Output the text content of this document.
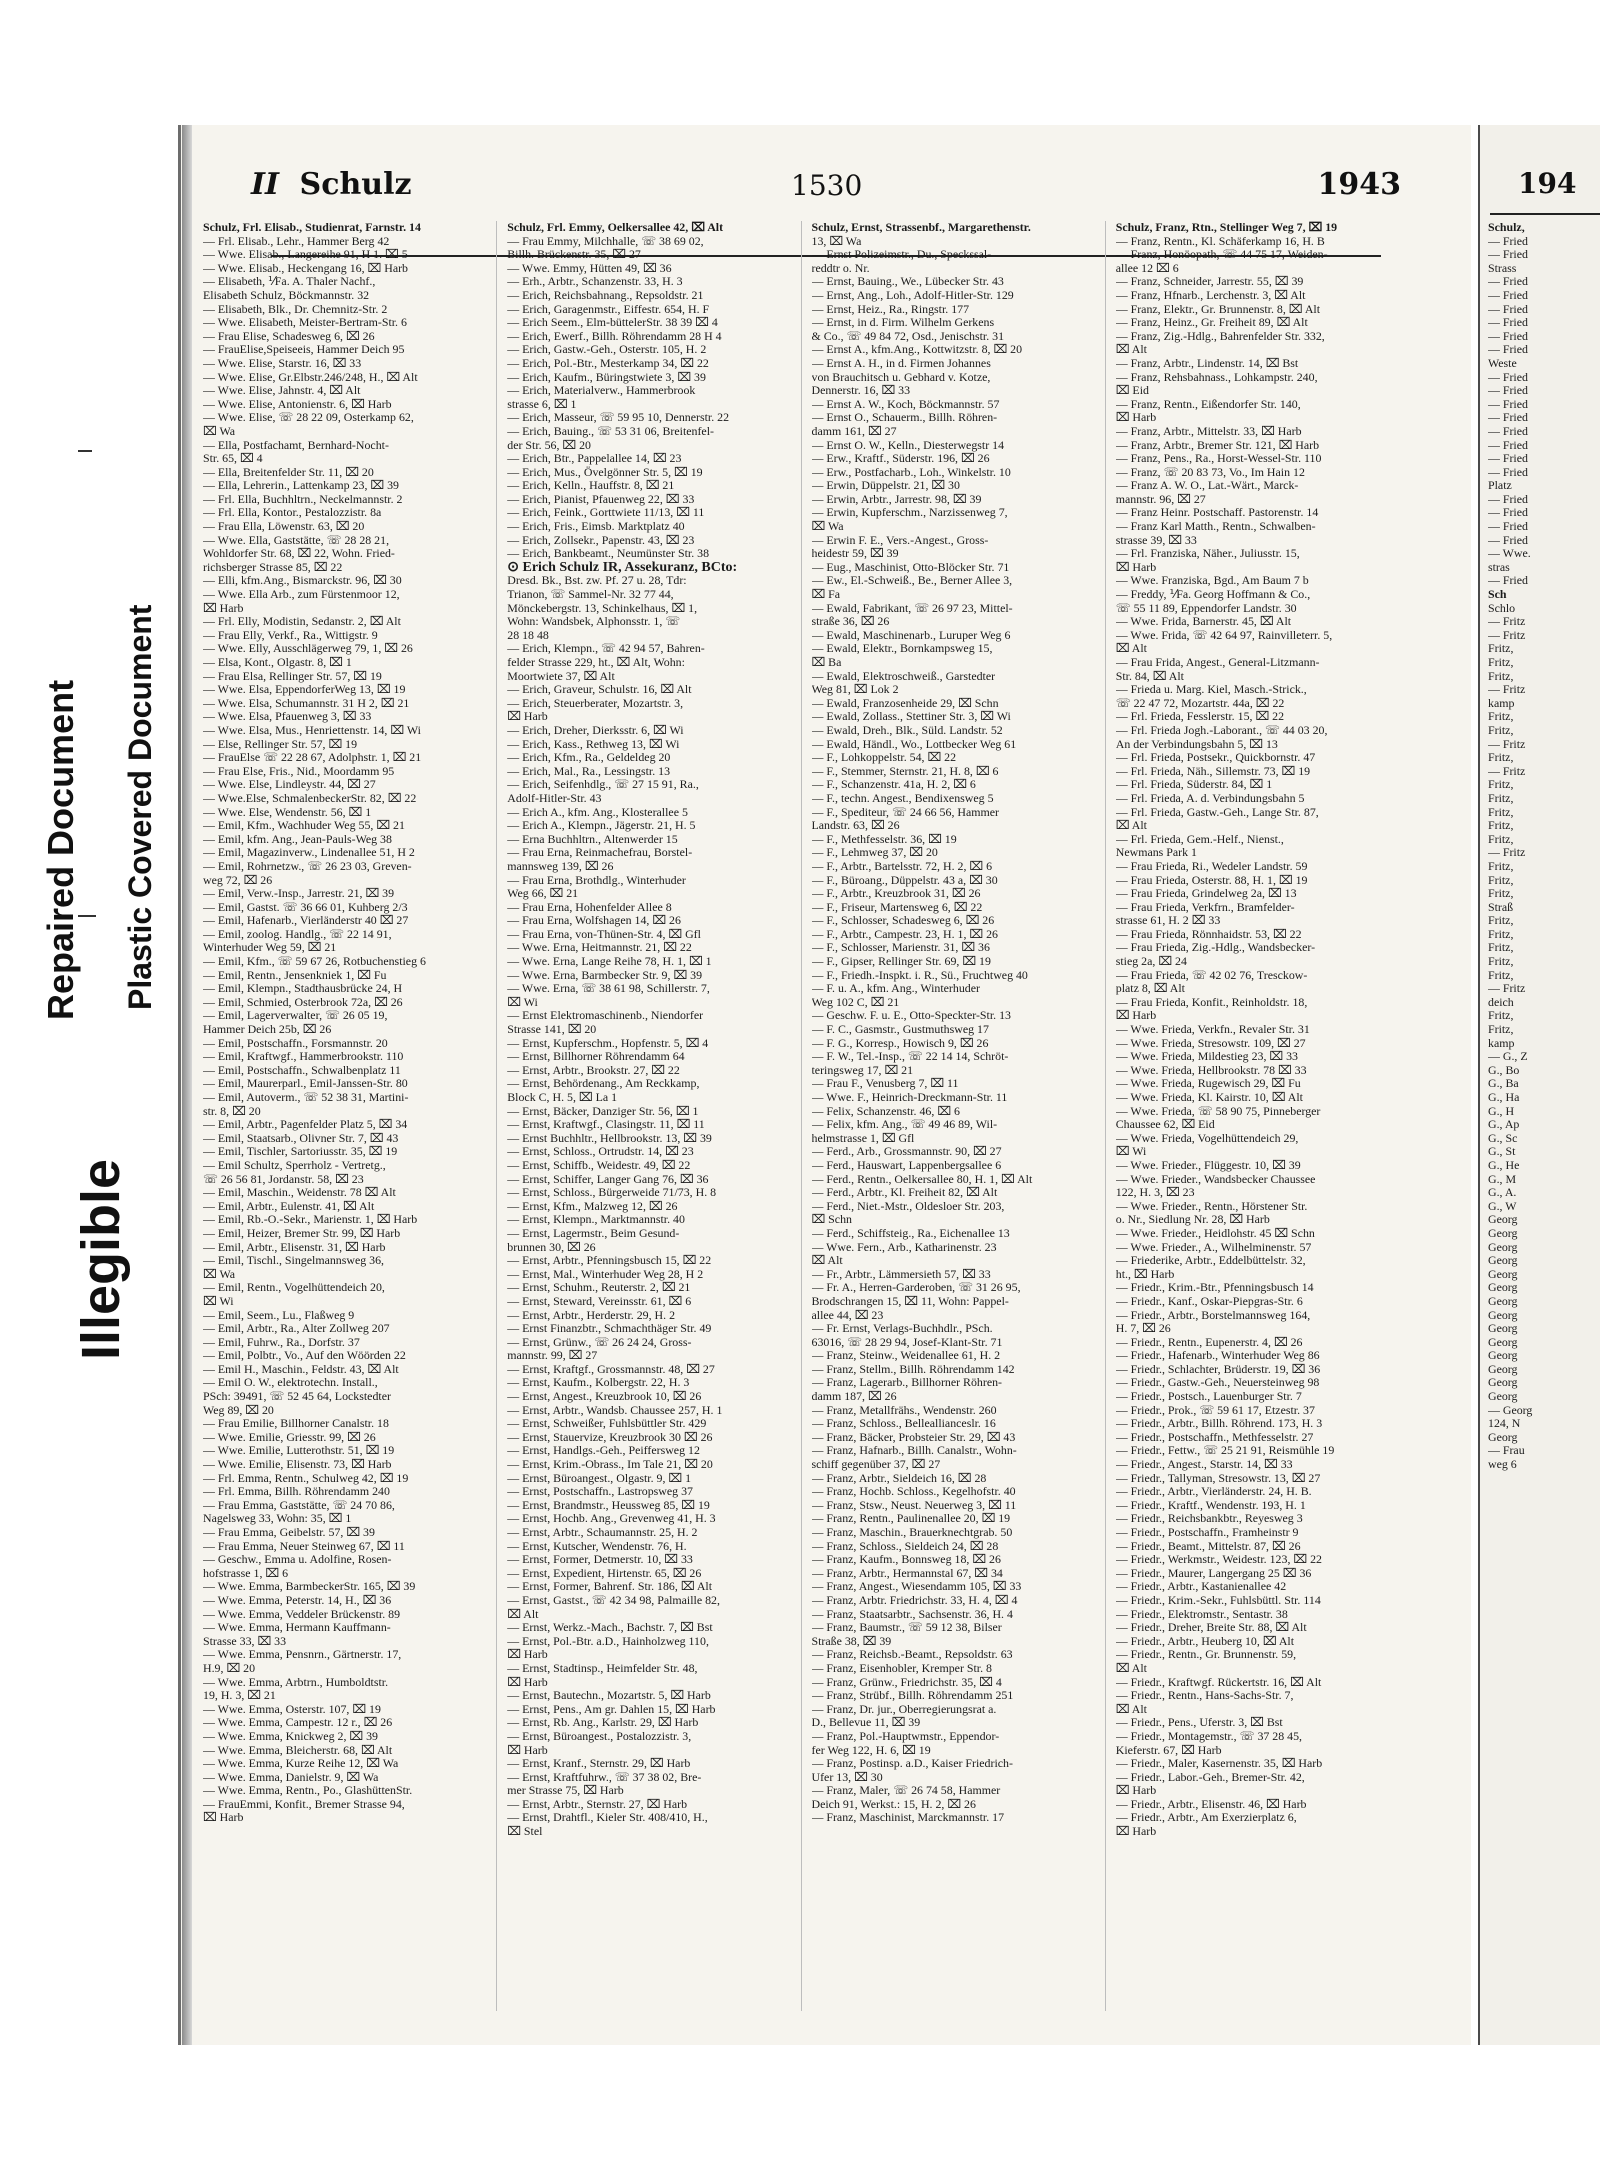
Repaired Document Plastic Covered Document
Illegible
II Schulz	1530	1943
Schulz, Frl. Elisab., Studienrat, Farnstr. 14
— Frl. Elisab., Lehr., Hammer Berg 42
— Wwe. Elisab., Langereihe 91, H 1. ⌧ 5
— Wwe. Elisab., Heckengang 16, ⌧ Harb
— Elisabeth, ⅟Fa. A. Thaler Nachf.,
Elisabeth Schulz, Böckmannstr. 32
— Elisabeth, Blk., Dr. Chemnitz-Str. 2
— Wwe. Elisabeth, Meister-Bertram-Str. 6
— Frau Elise, Schadesweg 6, ⌧ 26
— FrauElise,Speiseeis, Hammer Deich 95
— Wwe. Elise, Starstr. 16, ⌧ 33
— Wwe. Elise, Gr.Elbstr.246/248, H., ⌧ Alt
— Wwe. Elise, Jahnstr. 4, ⌧ Alt
— Wwe. Elise, Antonienstr. 6, ⌧ Harb
— Wwe. Elise, ☏ 28 22 09, Osterkamp 62,
⌧ Wa
— Ella, Postfachamt, Bernhard-Nocht-
Str. 65, ⌧ 4
— Ella, Breitenfelder Str. 11, ⌧ 20
— Ella, Lehrerin., Lattenkamp 23, ⌧ 39
— Frl. Ella, Buchhltrn., Neckelmannstr. 2
— Frl. Ella, Kontor., Pestalozzistr. 8a
— Frau Ella, Löwenstr. 63, ⌧ 20
— Wwe. Ella, Gaststätte, ☏ 28 28 21,
Wohldorfer Str. 68, ⌧ 22, Wohn. Fried-
richsberger Strasse 85, ⌧ 22
— Elli, kfm.Ang., Bismarckstr. 96, ⌧ 30
— Wwe. Ella Arb., zum Fürstenmoor 12,
⌧ Harb
— Frl. Elly, Modistin, Sedanstr. 2, ⌧ Alt
— Frau Elly, Verkf., Ra., Wittigstr. 9
— Wwe. Elly, Ausschlägerweg 79, 1, ⌧ 26
— Elsa, Kont., Olgastr. 8, ⌧ 1
— Frau Elsa, Rellinger Str. 57, ⌧ 19
— Wwe. Elsa, EppendorferWeg 13, ⌧ 19
— Wwe. Elsa, Schumannstr. 31 H 2, ⌧ 21
— Wwe. Elsa, Pfauenweg 3, ⌧ 33
— Wwe. Elsa, Mus., Henriettenstr. 14, ⌧ Wi
— Else, Rellinger Str. 57, ⌧ 19
— FrauElse ☏ 22 28 67, Adolphstr. 1, ⌧ 21
— Frau Else, Fris., Nid., Moordamm 95
— Wwe. Else, Lindleystr. 44, ⌧ 27
— Wwe.Else, SchmalenbeckerStr. 82, ⌧ 22
— Wwe. Else, Wendenstr. 56, ⌧ 1
— Emil, Kfm., Wachhuder Weg 55, ⌧ 21
— Emil, kfm. Ang., Jean-Pauls-Weg 38
— Emil, Magazinverw., Lindenallee 51, H 2
— Emil, Rohrnetzw., ☏ 26 23 03, Greven-
weg 72, ⌧ 26
— Emil, Verw.-Insp., Jarrestr. 21, ⌧ 39
— Emil, Gastst. ☏ 36 66 01, Kuhberg 2/3
— Emil, Hafenarb., Vierländerstr 40 ⌧ 27
— Emil, zoolog. Handlg., ☏ 22 14 91,
Winterhuder Weg 59, ⌧ 21
— Emil, Kfm., ☏ 59 67 26, Rotbuchenstieg 6
— Emil, Rentn., Jensenkniek 1, ⌧ Fu
— Emil, Klempn., Stadthausbrücke 24, H
— Emil, Schmied, Osterbrook 72a, ⌧ 26
— Emil, Lagerverwalter, ☏ 26 05 19,
Hammer Deich 25b, ⌧ 26
— Emil, Postschaffn., Forsmannstr. 20
— Emil, Kraftwgf., Hammerbrookstr. 110
— Emil, Postschaffn., Schwalbenplatz 11
— Emil, Maurerparl., Emil-Janssen-Str. 80
— Emil, Autoverm., ☏ 52 38 31, Martini-
str. 8, ⌧ 20
— Emil, Arbtr., Pagenfelder Platz 5, ⌧ 34
— Emil, Staatsarb., Olivner Str. 7, ⌧ 43
— Emil, Tischler, Sartoriusstr. 35, ⌧ 19
— Emil Schultz, Sperrholz - Vertretg.,
☏ 26 56 81, Jordanstr. 58, ⌧ 23
— Emil, Maschin., Weidenstr. 78 ⌧ Alt
— Emil, Arbtr., Eulenstr. 41, ⌧ Alt
— Emil, Rb.-O.-Sekr., Marienstr. 1, ⌧ Harb
— Emil, Heizer, Bremer Str. 99, ⌧ Harb
— Emil, Arbtr., Elisenstr. 31, ⌧ Harb
— Emil, Tischl., Singelmannsweg 36,
⌧ Wa
— Emil, Rentn., Vogelhüttendeich 20,
⌧ Wi
— Emil, Seem., Lu., Flaßweg 9
— Emil, Arbtr., Ra., Alter Zollweg 207
— Emil, Fuhrw., Ra., Dorfstr. 37
— Emil, Polbtr., Vo., Auf den Wöörden 22
— Emil H., Maschin., Feldstr. 43, ⌧ Alt
— Emil O. W., elektrotechn. Install.,
PSch: 39491, ☏ 52 45 64, Lockstedter
Weg 89, ⌧ 20
— Frau Emilie, Billhorner Canalstr. 18
— Wwe. Emilie, Griesstr. 99, ⌧ 26
— Wwe. Emilie, Lutterothstr. 51, ⌧ 19
— Wwe. Emilie, Elisenstr. 73, ⌧ Harb
— Frl. Emma, Rentn., Schulweg 42, ⌧ 19
— Frl. Emma, Billh. Röhrendamm 240
— Frau Emma, Gaststätte, ☏ 24 70 86,
Nagelsweg 33, Wohn: 35, ⌧ 1
— Frau Emma, Geibelstr. 57, ⌧ 39
— Frau Emma, Neuer Steinweg 67, ⌧ 11
— Geschw., Emma u. Adolfine, Rosen-
hofstrasse 1, ⌧ 6
— Wwe. Emma, BarmbeckerStr. 165, ⌧ 39
— Wwe. Emma, Peterstr. 14, H., ⌧ 36
— Wwe. Emma, Veddeler Brückenstr. 89
— Wwe. Emma, Hermann Kauffmann-
Strasse 33, ⌧ 33
— Wwe. Emma, Pensnrn., Gärtnerstr. 17,
H.9, ⌧ 20
— Wwe. Emma, Arbtrn., Humboldtstr.
19, H. 3, ⌧ 21
— Wwe. Emma, Osterstr. 107, ⌧ 19
— Wwe. Emma, Campestr. 12 r., ⌧ 26
— Wwe. Emma, Knickweg 2, ⌧ 39
— Wwe. Emma, Bleicherstr. 68, ⌧ Alt
— Wwe. Emma, Kurze Reihe 12, ⌧ Wa
— Wwe. Emma, Danielstr. 9, ⌧ Wa
— Wwe. Emma, Rentn., Po., GlashüttenStr.
— FrauEmmi, Konfit., Bremer Strasse 94,
⌧ Harb
Schulz, Frl. Emmy, Oelkersallee 42, ⌧ Alt
— Frau Emmy, Milchhalle, ☏ 38 69 02,
Billh. Brückenstr. 35, ⌧ 27
— Wwe. Emmy, Hütten 49, ⌧ 36
— Erh., Arbtr., Schanzenstr. 33, H. 3
— Erich, Reichsbahnang., Repsoldstr. 21
— Erich, Garagenmstr., Eiffestr. 654, H. F
— Erich Seem., Elm-büttelerStr. 38 39 ⌧ 4
— Erich, Ewerf., Billh. Röhrendamm 28 H 4
— Erich, Gastw.-Geh., Osterstr. 105, H. 2
— Erich, Pol.-Btr., Mesterkamp 34, ⌧ 22
— Erich, Kaufm., Büringstwiete 3, ⌧ 39
— Erich, Materialverw., Hammerbrook
strasse 6, ⌧ 1
— Erich, Masseur, ☏ 59 95 10, Dennerstr. 22
— Erich, Bauing., ☏ 53 31 06, Breitenfel-
der Str. 56, ⌧ 20
— Erich, Btr., Pappelallee 14, ⌧ 23
— Erich, Mus., Övelgönner Str. 5, ⌧ 19
— Erich, Kelln., Hauffstr. 8, ⌧ 21
— Erich, Pianist, Pfauenweg 22, ⌧ 33
— Erich, Feink., Gorttwiete 11/13, ⌧ 11
— Erich, Fris., Eimsb. Marktplatz 40
— Erich, Zollsekr., Papenstr. 43, ⌧ 23
— Erich, Bankbeamt., Neumünster Str. 38
⊙ Erich Schulz IR, Assekuranz, BCto:
Dresd. Bk., Bst. zw. Pf. 27 u. 28, Tdr:
Trianon, ☏ Sammel-Nr. 32 77 44,
Mönckebergstr. 13, Schinkelhaus, ⌧ 1,
Wohn: Wandsbek, Alphonsstr. 1, ☏
28 18 48
— Erich, Klempn., ☏ 42 94 57, Bahren-
felder Strasse 229, ht., ⌧ Alt, Wohn:
Moortwiete 37, ⌧ Alt
— Erich, Graveur, Schulstr. 16, ⌧ Alt
— Erich, Steuerberater, Mozartstr. 3,
⌧ Harb
— Erich, Dreher, Dierksstr. 6, ⌧ Wi
— Erich, Kass., Rethweg 13, ⌧ Wi
— Erich, Kfm., Ra., Geldeldeg 20
— Erich, Mal., Ra., Lessingstr. 13
— Erich, Seifenhdlg., ☏ 27 15 91, Ra.,
Adolf-Hitler-Str. 43
— Erich A., kfm. Ang., Klosterallee 5
— Erich A., Klempn., Jägerstr. 21, H. 5
— Erna Buchhltrn., Altenwerder 15
— Frau Erna, Reinmachefrau, Borstel-
mannsweg 139, ⌧ 26
— Frau Erna, Brothdlg., Winterhuder
Weg 66, ⌧ 21
— Frau Erna, Hohenfelder Allee 8
— Frau Erna, Wolfshagen 14, ⌧ 26
— Frau Erna, von-Thünen-Str. 4, ⌧ Gfl
— Wwe. Erna, Heitmannstr. 21, ⌧ 22
— Wwe. Erna, Lange Reihe 78, H. 1, ⌧ 1
— Wwe. Erna, Barmbecker Str. 9, ⌧ 39
— Wwe. Erna, ☏ 38 61 98, Schillerstr. 7,
⌧ Wi
— Ernst Elektromaschinenb., Niendorfer
Strasse 141, ⌧ 20
— Ernst, Kupferschm., Hopfenstr. 5, ⌧ 4
— Ernst, Billhorner Röhrendamm 64
— Ernst, Arbtr., Brookstr. 27, ⌧ 22
— Ernst, Behördenang., Am Reckkamp,
Block C, H. 5, ⌧ La 1
— Ernst, Bäcker, Danziger Str. 56, ⌧ 1
— Ernst, Kraftwgf., Clasingstr. 11, ⌧ 11
— Ernst Buchhltr., Hellbrookstr. 13, ⌧ 39
— Ernst, Schloss., Ortrudstr. 14, ⌧ 23
— Ernst, Schiffb., Weidestr. 49, ⌧ 22
— Ernst, Schiffer, Langer Gang 76, ⌧ 36
— Ernst, Schloss., Bürgerweide 71/73, H. 8
— Ernst, Kfm., Malzweg 12, ⌧ 26
— Ernst, Klempn., Marktmannstr. 40
— Ernst, Lagermstr., Beim Gesund-
brunnen 30, ⌧ 26
— Ernst, Arbtr., Pfenningsbusch 15, ⌧ 22
— Ernst, Mal., Winterhuder Weg 28, H 2
— Ernst, Schuhm., Reuterstr. 2, ⌧ 21
— Ernst, Steward, Vereinsstr. 61, ⌧ 6
— Ernst, Arbtr., Herderstr. 29, H. 2
— Ernst Finanzbtr., Schmachthäger Str. 49
— Ernst, Grünw., ☏ 26 24 24, Gross-
mannstr. 99, ⌧ 27
— Ernst, Kraftgf., Grossmannstr. 48, ⌧ 27
— Ernst, Kaufm., Kolbergstr. 22, H. 3
— Ernst, Angest., Kreuzbrook 10, ⌧ 26
— Ernst, Arbtr., Wandsb. Chaussee 257, H. 1
— Ernst, Schweißer, Fuhlsbüttler Str. 429
— Ernst, Stauervize, Kreuzbrook 30 ⌧ 26
— Ernst, Handlgs.-Geh., Peiffersweg 12
— Ernst, Krim.-Obrass., Im Tale 21, ⌧ 20
— Ernst, Büroangest., Olgastr. 9, ⌧ 1
— Ernst, Postschaffn., Lastropsweg 37
— Ernst, Brandmstr., Heussweg 85, ⌧ 19
— Ernst, Hochb. Ang., Grevenweg 41, H. 3
— Ernst, Arbtr., Schaumannstr. 25, H. 2
— Ernst, Kutscher, Wendenstr. 76, H.
— Ernst, Former, Detmerstr. 10, ⌧ 33
— Ernst, Expedient, Hirtenstr. 65, ⌧ 26
— Ernst, Former, Bahrenf. Str. 186, ⌧ Alt
— Ernst, Gastst., ☏ 42 34 98, Palmaille 82,
⌧ Alt
— Ernst, Werkz.-Mach., Bachstr. 7, ⌧ Bst
— Ernst, Pol.-Btr. a.D., Hainholzweg 110,
⌧ Harb
— Ernst, Stadtinsp., Heimfelder Str. 48,
⌧ Harb
— Ernst, Bautechn., Mozartstr. 5, ⌧ Harb
— Ernst, Pens., Am gr. Dahlen 15, ⌧ Harb
— Ernst, Rb. Ang., Karlstr. 29, ⌧ Harb
— Ernst, Büroangest., Postalozzistr. 3,
⌧ Harb
— Ernst, Kranf., Sternstr. 29, ⌧ Harb
— Ernst, Kraftfuhrw., ☏ 37 38 02, Bre-
mer Strasse 75, ⌧ Harb
— Ernst, Arbtr., Sternstr. 27, ⌧ Harb
— Ernst, Drahtfl., Kieler Str. 408/410, H.,
⌧ Stel
Schulz, Ernst, Strassenbf., Margarethenstr.
13, ⌧ Wa
— Ernst Polizeimstr., Du., Speckssal-
reddtr o. Nr.
— Ernst, Bauing., We., Lübecker Str. 43
— Ernst, Ang., Loh., Adolf-Hitler-Str. 129
— Ernst, Heiz., Ra., Ringstr. 177
— Ernst, in d. Firm. Wilhelm Gerkens
& Co., ☏ 49 84 72, Osd., Jenischstr. 31
— Ernst A., kfm.Ang., Kottwitzstr. 8, ⌧ 20
— Ernst A. H., in d. Firmen Johannes
von Brauchitsch u. Gebhard v. Kotze,
Dennerstr. 16, ⌧ 33
— Ernst A. W., Koch, Böckmannstr. 57
— Ernst O., Schauerm., Billh. Röhren-
damm 161, ⌧ 27
— Ernst O. W., Kelln., Diesterwegstr 14
— Erw., Kraftf., Süderstr. 196, ⌧ 26
— Erw., Postfacharb., Loh., Winkelstr. 10
— Erwin, Düppelstr. 21, ⌧ 30
— Erwin, Arbtr., Jarrestr. 98, ⌧ 39
— Erwin, Kupferschm., Narzissenweg 7,
⌧ Wa
— Erwin F. E., Vers.-Angest., Gross-
heidestr 59, ⌧ 39
— Eug., Maschinist, Otto-Blöcker Str. 71
— Ew., El.-Schweiß., Be., Berner Allee 3,
⌧ Fa
— Ewald, Fabrikant, ☏ 26 97 23, Mittel-
straße 36, ⌧ 26
— Ewald, Maschinenarb., Luruper Weg 6
— Ewald, Elektr., Bornkampsweg 15,
⌧ Ba
— Ewald, Elektroschweiß., Garstedter
Weg 81, ⌧ Lok 2
— Ewald, Franzosenheide 29, ⌧ Schn
— Ewald, Zollass., Stettiner Str. 3, ⌧ Wi
— Ewald, Dreh., Blk., Süld. Landstr. 52
— Ewald, Händl., Wo., Lottbecker Weg 61
— F., Lohkoppelstr. 54, ⌧ 22
— F., Stemmer, Sternstr. 21, H. 8, ⌧ 6
— F., Schanzenstr. 41a, H. 2, ⌧ 6
— F., techn. Angest., Bendixensweg 5
— F., Spediteur, ☏ 24 66 56, Hammer
Landstr. 63, ⌧ 26
— F., Methfesselstr. 36, ⌧ 19
— F., Lehmweg 37, ⌧ 20
— F., Arbtr., Bartelsstr. 72, H. 2, ⌧ 6
— F., Büroang., Düppelstr. 43 a, ⌧ 30
— F., Arbtr., Kreuzbrook 31, ⌧ 26
— F., Friseur, Martensweg 6, ⌧ 22
— F., Schlosser, Schadesweg 6, ⌧ 26
— F., Arbtr., Campestr. 23, H. 1, ⌧ 26
— F., Schlosser, Marienstr. 31, ⌧ 36
— F., Gipser, Rellinger Str. 69, ⌧ 19
— F., Friedh.-Inspkt. i. R., Sü., Fruchtweg 40
— F. u. A., kfm. Ang., Winterhuder
Weg 102 C, ⌧ 21
— Geschw. F. u. E., Otto-Speckter-Str. 13
— F. C., Gasmstr., Gustmuthsweg 17
— F. G., Korresp., Howisch 9, ⌧ 26
— F. W., Tel.-Insp., ☏ 22 14 14, Schröt-
teringsweg 17, ⌧ 21
— Frau F., Venusberg 7, ⌧ 11
— Wwe. F., Heinrich-Dreckmann-Str. 11
— Felix, Schanzenstr. 46, ⌧ 6
— Felix, kfm. Ang., ☏ 49 46 89, Wil-
helmstrasse 1, ⌧ Gfl
— Ferd., Arb., Grossmannstr. 90, ⌧ 27
— Ferd., Hauswart, Lappenbergsallee 6
— Ferd., Rentn., Oelkersallee 80, H. 1, ⌧ Alt
— Ferd., Arbtr., Kl. Freiheit 82, ⌧ Alt
— Ferd., Niet.-Mstr., Oldesloer Str. 203,
⌧ Schn
— Ferd., Schiffsteig., Ra., Eichenallee 13
— Wwe. Fern., Arb., Katharinenstr. 23
⌧ Alt
— Fr., Arbtr., Lämmersieth 57, ⌧ 33
— Fr. A., Herren-Garderoben, ☏ 31 26 95,
Brodschrangen 15, ⌧ 11, Wohn: Pappel-
allee 44, ⌧ 23
— Fr. Ernst, Verlags-Buchhdlr., PSch.
63016, ☏ 28 29 94, Josef-Klant-Str. 71
— Franz, Steinw., Weidenallee 61, H. 2
— Franz, Stellm., Billh. Röhrendamm 142
— Franz, Lagerarb., Billhorner Röhren-
damm 187, ⌧ 26
— Franz, Metallfrähs., Wendenstr. 260
— Franz, Schloss., Belleallianceslr. 16
— Franz, Bäcker, Probsteier Str. 29, ⌧ 43
— Franz, Hafnarb., Billh. Canalstr., Wohn-
schiff gegenüber 37, ⌧ 27
— Franz, Arbtr., Sieldeich 16, ⌧ 28
— Franz, Hochb. Schloss., Kegelhofstr. 40
— Franz, Stsw., Neust. Neuerweg 3, ⌧ 11
— Franz, Rentn., Paulinenallee 20, ⌧ 19
— Franz, Maschin., Brauerknechtgrab. 50
— Franz, Schloss., Sieldeich 24, ⌧ 28
— Franz, Kaufm., Bonnsweg 18, ⌧ 26
— Franz, Arbtr., Hermannstal 67, ⌧ 34
— Franz, Angest., Wiesendamm 105, ⌧ 33
— Franz, Arbtr. Friedrichstr. 33, H. 4, ⌧ 4
— Franz, Staatsarbtr., Sachsenstr. 36, H. 4
— Franz, Baumstr., ☏ 59 12 38, Bilser
Straße 38, ⌧ 39
— Franz, Reichsb.-Beamt., Repsoldstr. 63
— Franz, Eisenhobler, Kremper Str. 8
— Franz, Grünw., Friedrichstr. 35, ⌧ 4
— Franz, Strübf., Billh. Röhrendamm 251
— Franz, Dr. jur., Oberregierungsrat a.
D., Bellevue 11, ⌧ 39
— Franz, Pol.-Hauptwmstr., Eppendor-
fer Weg 122, H. 6, ⌧ 19
— Franz, Postinsp. a.D., Kaiser Friedrich-
Ufer 13, ⌧ 30
— Franz, Maler, ☏ 26 74 58, Hammer
Deich 91, Werkst.: 15, H. 2, ⌧ 26
— Franz, Maschinist, Marckmannstr. 17
Schulz, Franz, Rtn., Stellinger Weg 7, ⌧ 19
— Franz, Rentn., Kl. Schäferkamp 16, H. B
— Franz, Honöopath, ☏ 44 75 17, Weiden-
allee 12 ⌧ 6
— Franz, Schneider, Jarrestr. 55, ⌧ 39
— Franz, Hfnarb., Lerchenstr. 3, ⌧ Alt
— Franz, Elektr., Gr. Brunnenstr. 8, ⌧ Alt
— Franz, Heinz., Gr. Freiheit 89, ⌧ Alt
— Franz, Zig.-Hdlg., Bahrenfelder Str. 332,
⌧ Alt
— Franz, Arbtr., Lindenstr. 14, ⌧ Bst
— Franz, Rehsbahnass., Lohkampstr. 240,
⌧ Eid
— Franz, Rentn., Eißendorfer Str. 140,
⌧ Harb
— Franz, Arbtr., Mittelstr. 33, ⌧ Harb
— Franz, Arbtr., Bremer Str. 121, ⌧ Harb
— Franz, Pens., Ra., Horst-Wessel-Str. 110
— Franz, ☏ 20 83 73, Vo., Im Hain 12
— Franz A. W. O., Lat.-Wärt., Marck-
mannstr. 96, ⌧ 27
— Franz Heinr. Postschaff. Pastorenstr. 14
— Franz Karl Matth., Rentn., Schwalben-
strasse 39, ⌧ 33
— Frl. Franziska, Näher., Juliusstr. 15,
⌧ Harb
— Wwe. Franziska, Bgd., Am Baum 7 b
— Freddy, ⅟Fa. Georg Hoffmann & Co.,
☏ 55 11 89, Eppendorfer Landstr. 30
— Wwe. Frida, Barnerstr. 45, ⌧ Alt
— Wwe. Frida, ☏ 42 64 97, Rainvilleterr. 5,
⌧ Alt
— Frau Frida, Angest., General-Litzmann-
Str. 84, ⌧ Alt
— Frieda u. Marg. Kiel, Masch.-Strick.,
☏ 22 47 72, Mozartstr. 44a, ⌧ 22
— Frl. Frieda, Fesslerstr. 15, ⌧ 22
— Frl. Frieda Jogh.-Laborant., ☏ 44 03 20,
An der Verbindungsbahn 5, ⌧ 13
— Frl. Frieda, Postsekr., Quickbornstr. 47
— Frl. Frieda, Näh., Sillemstr. 73, ⌧ 19
— Frl. Frieda, Süderstr. 84, ⌧ 1
— Frl. Frieda, A. d. Verbindungsbahn 5
— Frl. Frieda, Gastw.-Geh., Lange Str. 87,
⌧ Alt
— Frl. Frieda, Gem.-Helf., Nienst.,
Newmans Park 1
— Frau Frieda, Ri., Wedeler Landstr. 59
— Frau Frieda, Osterstr. 88, H. 1, ⌧ 19
— Frau Frieda, Grindelweg 2a, ⌧ 13
— Frau Frieda, Verkfrn., Bramfelder-
strasse 61, H. 2 ⌧ 33
— Frau Frieda, Rönnhaidstr. 53, ⌧ 22
— Frau Frieda, Zig.-Hdlg., Wandsbecker-
stieg 2a, ⌧ 24
— Frau Frieda, ☏ 42 02 76, Tresckow-
platz 8, ⌧ Alt
— Frau Frieda, Konfit., Reinholdstr. 18,
⌧ Harb
— Wwe. Frieda, Verkfn., Revaler Str. 31
— Wwe. Frieda, Stresowstr. 109, ⌧ 27
— Wwe. Frieda, Mildestieg 23, ⌧ 33
— Wwe. Frieda, Hellbrookstr. 78 ⌧ 33
— Wwe. Frieda, Rugewisch 29, ⌧ Fu
— Wwe. Frieda, Kl. Kairstr. 10, ⌧ Alt
— Wwe. Frieda, ☏ 58 90 75, Pinneberger
Chaussee 62, ⌧ Eid
— Wwe. Frieda, Vogelhüttendeich 29,
⌧ Wi
— Wwe. Frieder., Flüggestr. 10, ⌧ 39
— Wwe. Frieder., Wandsbecker Chaussee
122, H. 3, ⌧ 23
— Wwe. Frieder., Rentn., Hörstener Str.
o. Nr., Siedlung Nr. 28, ⌧ Harb
— Wwe. Frieder., Heidlohstr. 45 ⌧ Schn
— Wwe. Frieder., A., Wilhelminenstr. 57
— Friederike, Arbtr., Eddelbüttelstr. 32,
ht., ⌧ Harb
— Friedr., Krim.-Btr., Pfenningsbusch 14
— Friedr., Kanf., Oskar-Piepgras-Str. 6
— Friedr., Arbtr., Borstelmannsweg 164,
H. 7, ⌧ 26
— Friedr., Rentn., Eupenerstr. 4, ⌧ 26
— Friedr., Hafenarb., Winterhuder Weg 86
— Friedr., Schlachter, Brüderstr. 19, ⌧ 36
— Friedr., Gastw.-Geh., Neuersteinweg 98
— Friedr., Postsch., Lauenburger Str. 7
— Friedr., Prok., ☏ 59 61 17, Etzestr. 37
— Friedr., Arbtr., Billh. Röhrend. 173, H. 3
— Friedr., Postschaffn., Methfesselstr. 27
— Friedr., Fettw., ☏ 25 21 91, Reismühle 19
— Friedr., Angest., Starstr. 14, ⌧ 33
— Friedr., Tallyman, Stresowstr. 13, ⌧ 27
— Friedr., Arbtr., Vierländerstr. 24, H. B.
— Friedr., Kraftf., Wendenstr. 193, H. 1
— Friedr., Reichsbankbtr., Reyesweg 3
— Friedr., Postschaffn., Framheinstr 9
— Friedr., Beamt., Mittelstr. 87, ⌧ 26
— Friedr., Werkmstr., Weidestr. 123, ⌧ 22
— Friedr., Maurer, Langergang 25 ⌧ 36
— Friedr., Arbtr., Kastanienallee 42
— Friedr., Krim.-Sekr., Fuhlsbüttl. Str. 114
— Friedr., Elektromstr., Sentastr. 38
— Friedr., Dreher, Breite Str. 88, ⌧ Alt
— Friedr., Arbtr., Heuberg 10, ⌧ Alt
— Friedr., Rentn., Gr. Brunnenstr. 59,
⌧ Alt
— Friedr., Kraftwgf. Rückertstr. 16, ⌧ Alt
— Friedr., Rentn., Hans-Sachs-Str. 7,
⌧ Alt
— Friedr., Pens., Uferstr. 3, ⌧ Bst
— Friedr., Montagemstr., ☏ 37 28 45,
Kieferstr. 67, ⌧ Harb
— Friedr., Maler, Kasernenstr. 35, ⌧ Harb
— Friedr., Labor.-Geh., Bremer-Str. 42,
⌧ Harb
— Friedr., Arbtr., Elisenstr. 46, ⌧ Harb
— Friedr., Arbtr., Am Exerzierplatz 6,
⌧ Harb
194
Schulz,
— Fried
— Fried
Strass
— Fried
— Fried
— Fried
— Fried
— Fried
— Fried
Weste
— Fried
— Fried
— Fried
— Fried
— Fried
— Fried
— Fried
— Fried
Platz
— Fried
— Fried
— Fried
— Fried
— Wwe.
stras
— Fried
Sch
Schlo
— Fritz
— Fritz
Fritz,
Fritz,
Fritz,
— Fritz
kamp
Fritz,
Fritz,
— Fritz
Fritz,
— Fritz
Fritz,
Fritz,
Fritz,
Fritz,
Fritz,
— Fritz
Fritz,
Fritz,
Fritz,
Straß
Fritz,
Fritz,
Fritz,
Fritz,
Fritz,
— Fritz
deich
Fritz,
Fritz,
kamp
— G., Z
G., Bo
G., Ba
G., Ha
G., H
G., Ap
G., Sc
G., St
G., He
G., M
G., A.
G., W
Georg
Georg
Georg
Georg
Georg
Georg
Georg
Georg
Georg
Georg
Georg
Georg
Georg
Georg
— Georg
124, N
Georg
— Frau
weg 6
